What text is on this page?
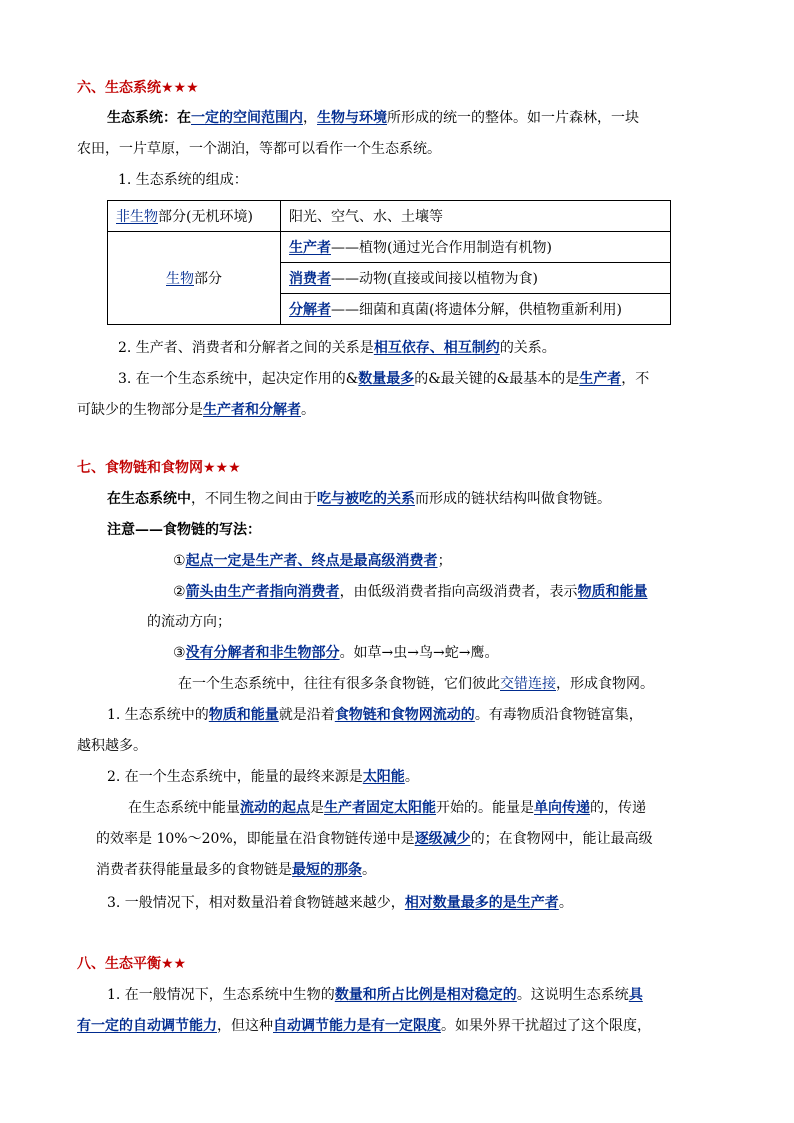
六、生态系统★★★
生态系统：在一定的空间范围内，生物与环境所形成的统一的整体。如一片森林，一块
农田，一片草原，一个湖泊，等都可以看作一个生态系统。
1. 生态系统的组成：
非生物部分(无机环境)	阳光、空气、水、土壤等
生物部分	生产者——植物(通过光合作用制造有机物)
	消费者——动物(直接或间接以植物为食)
	分解者——细菌和真菌(将遗体分解，供植物重新利用)
2. 生产者、消费者和分解者之间的关系是相互依存、相互制约的关系。
3. 在一个生态系统中，起决定作用的&数量最多的&最关键的&最基本的是生产者，不
可缺少的生物部分是生产者和分解者。
七、食物链和食物网★★★
在生态系统中，不同生物之间由于吃与被吃的关系而形成的链状结构叫做食物链。
注意——食物链的写法：
①起点一定是生产者、终点是最高级消费者；
②箭头由生产者指向消费者，由低级消费者指向高级消费者，表示物质和能量
的流动方向；
③没有分解者和非生物部分。如草→虫→鸟→蛇→鹰。
在一个生态系统中，往往有很多条食物链，它们彼此交错连接，形成食物网。
1. 生态系统中的物质和能量就是沿着食物链和食物网流动的。有毒物质沿食物链富集，
越积越多。
2. 在一个生态系统中，能量的最终来源是太阳能。
在生态系统中能量流动的起点是生产者固定太阳能开始的。能量是单向传递的，传递
的效率是 10%～20%，即能量在沿食物链传递中是逐级减少的；在食物网中，能让最高级
消费者获得能量最多的食物链是最短的那条。
3. 一般情况下，相对数量沿着食物链越来越少，相对数量最多的是生产者。
八、生态平衡★★
1. 在一般情况下，生态系统中生物的数量和所占比例是相对稳定的。这说明生态系统具
有一定的自动调节能力，但这种自动调节能力是有一定限度。如果外界干扰超过了这个限度，
